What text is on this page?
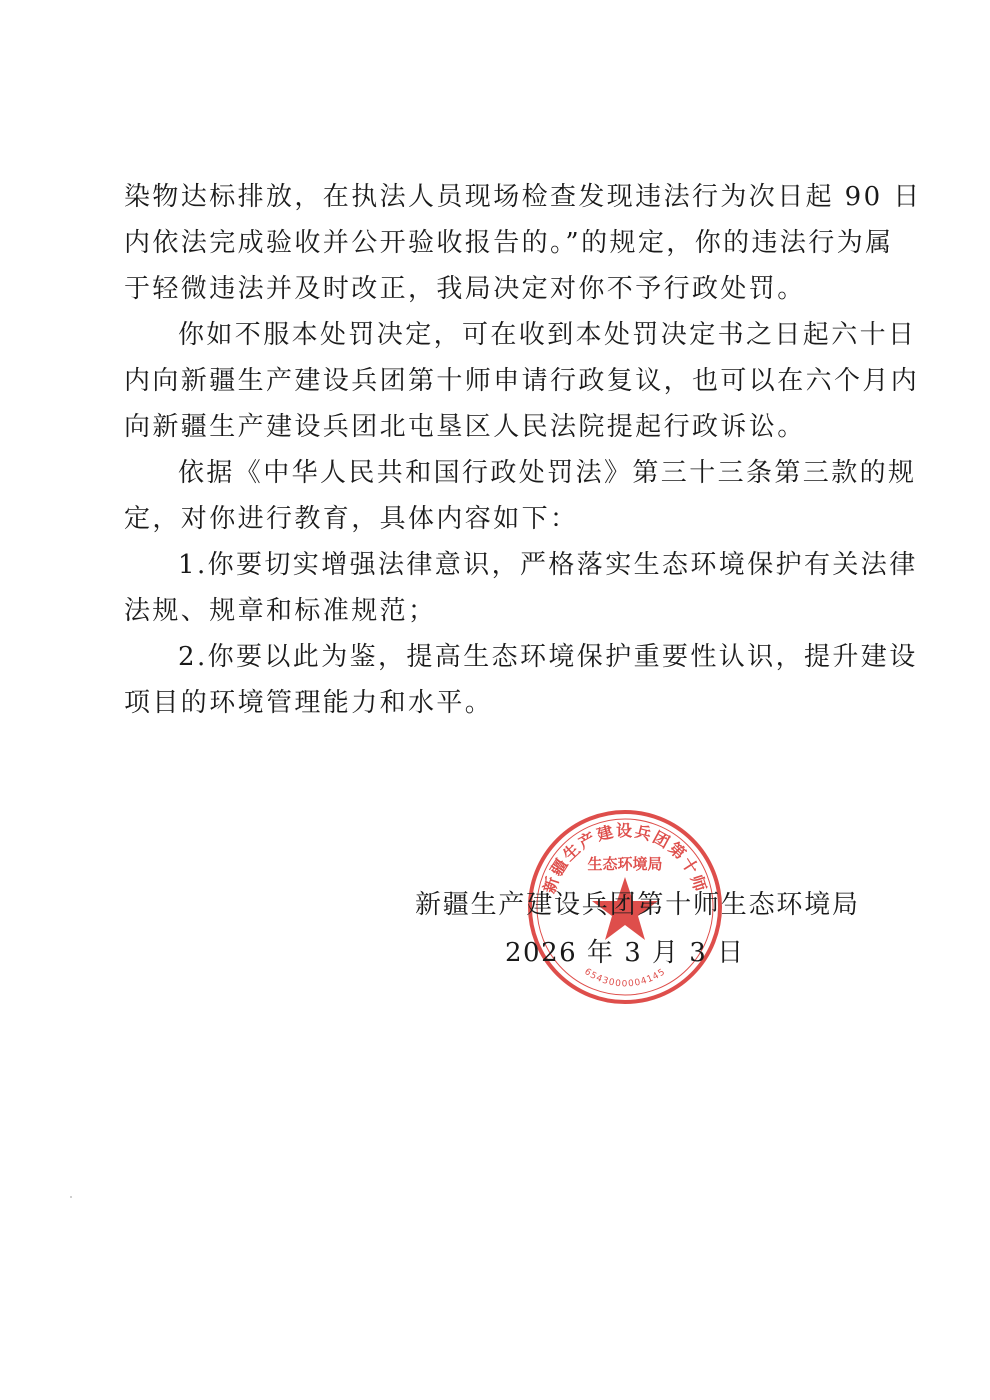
染物达标排放，在执法人员现场检查发现违法行为次日起 90 日
内依法完成验收并公开验收报告的。”的规定，你的违法行为属
于轻微违法并及时改正，我局决定对你不予行政处罚。

你如不服本处罚决定，可在收到本处罚决定书之日起六十日
内向新疆生产建设兵团第十师申请行政复议，也可以在六个月内
向新疆生产建设兵团北屯垦区人民法院提起行政诉讼。

依据《中华人民共和国行政处罚法》第三十三条第三款的规
定，对你进行教育，具体内容如下：

1.你要切实增强法律意识，严格落实生态环境保护有关法律
法规、规章和标准规范；

2.你要以此为鉴，提高生态环境保护重要性认识，提升建设
项目的环境管理能力和水平。

新疆生产建设兵团第十师
6543000004145
生态环境局
新疆生产建设兵团第十师生态环境局
2026 年 3 月 3 日
